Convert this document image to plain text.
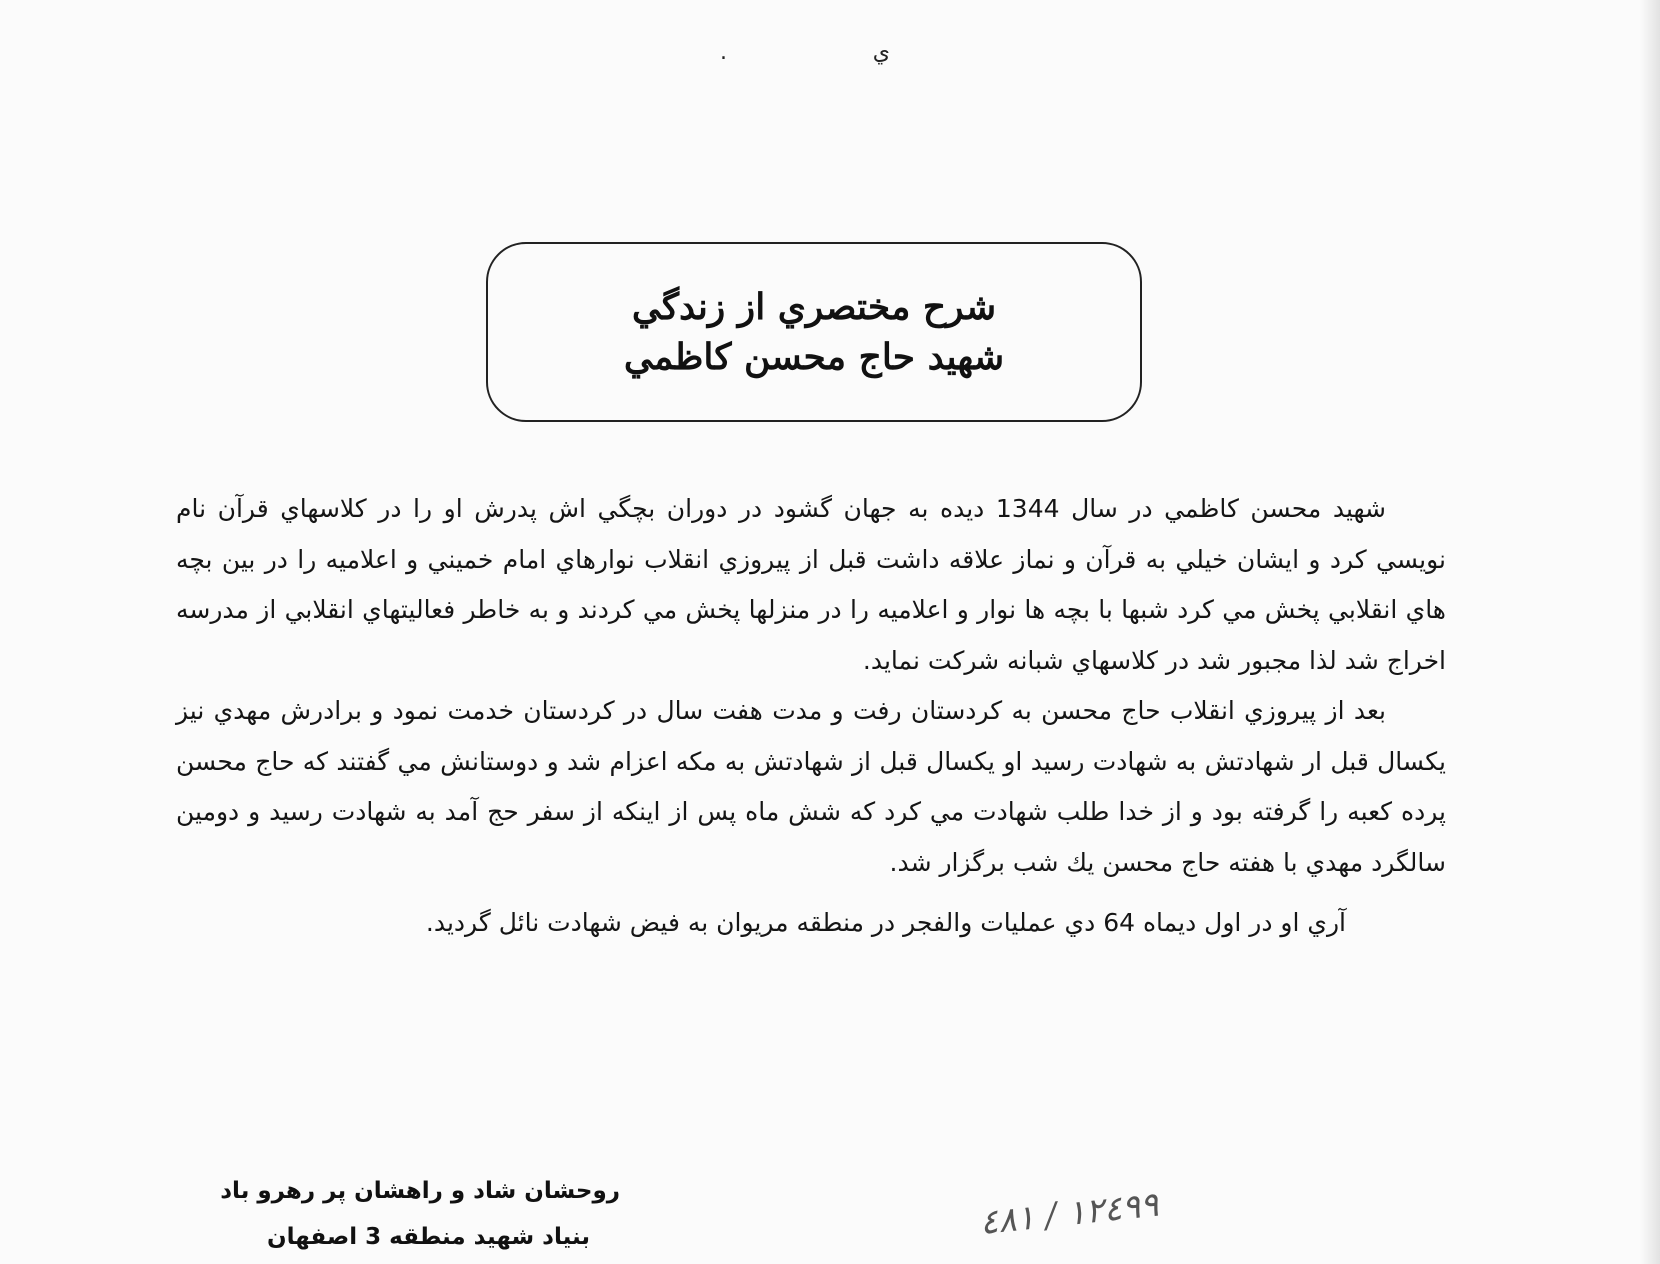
.	ي
شرح مختصري از زندگي
شهيد حاج محسن كاظمي

شهيد محسن كاظمي در سال 1344 ديده به جهان گشود در دوران بچگي اش پدرش او را در كلاسهاي قرآن نام نويسي كرد و ايشان خيلي به قرآن و نماز علاقه داشت قبل از پيروزي انقلاب نوارهاي امام خميني و اعلاميه را در بين بچه هاي انقلابي پخش مي كرد شبها با بچه ها نوار و اعلاميه را در منزلها پخش مي كردند و به خاطر فعاليتهاي انقلابي از مدرسه اخراج شد لذا مجبور شد در كلاسهاي شبانه شركت نمايد.

بعد از پيروزي انقلاب حاج محسن به كردستان رفت و مدت هفت سال در كردستان خدمت نمود و برادرش مهدي نيز يكسال قبل ار شهادتش به شهادت رسيد او يكسال قبل از شهادتش به مكه اعزام شد و دوستانش مي گفتند كه حاج محسن پرده كعبه را گرفته بود و از خدا طلب شهادت مي كرد كه شش ماه پس از اينكه از سفر حج آمد به شهادت رسيد و دومين سالگرد مهدي با هفته حاج محسن يك شب برگزار شد.

آري او در اول ديماه 64 دي عمليات والفجر در منطقه مريوان به فيض شهادت نائل گرديد.

روحشان شاد و راهشان پر رهرو باد
بنياد شهيد منطقه 3 اصفهان	١٢٤٩٩ / ٤٨١
